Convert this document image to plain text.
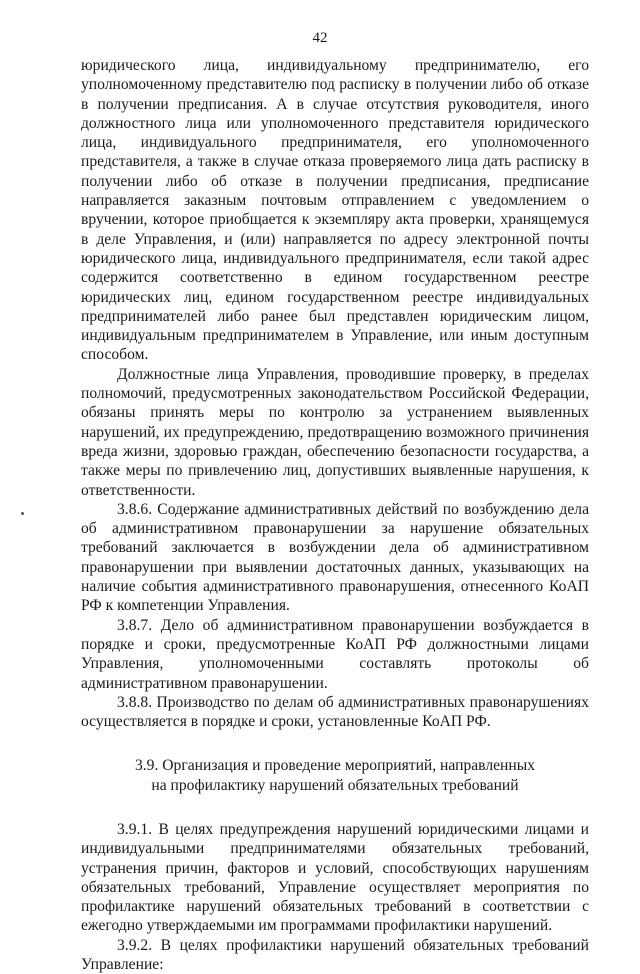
42

юридического лица, индивидуальному предпринимателю, его уполномоченному представителю под расписку в получении либо об отказе в получении предписания. А в случае отсутствия руководителя, иного должностного лица или уполномоченного представителя юридического лица, индивидуального предпринимателя, его уполномоченного представителя, а также в случае отказа проверяемого лица дать расписку в получении либо об отказе в получении предписания, предписание направляется заказным почтовым отправлением с уведомлением о вручении, которое приобщается к экземпляру акта проверки, хранящемуся в деле Управления, и (или) направляется по адресу электронной почты юридического лица, индивидуального предпринимателя, если такой адрес содержится соответственно в едином государственном реестре юридических лиц, едином государственном реестре индивидуальных предпринимателей либо ранее был представлен юридическим лицом, индивидуальным предпринимателем в Управление, или иным доступным способом.

Должностные лица Управления, проводившие проверку, в пределах полномочий, предусмотренных законодательством Российской Федерации, обязаны принять меры по контролю за устранением выявленных нарушений, их предупреждению, предотвращению возможного причинения вреда жизни, здоровью граждан, обеспечению безопасности государства, а также меры по привлечению лиц, допустивших выявленные нарушения, к ответственности.

3.8.6. Содержание административных действий по возбуждению дела об административном правонарушении за нарушение обязательных требований заключается в возбуждении дела об административном правонарушении при выявлении достаточных данных, указывающих на наличие события административного правонарушения, отнесенного КоАП РФ к компетенции Управления.

3.8.7. Дело об административном правонарушении возбуждается в порядке и сроки, предусмотренные КоАП РФ должностными лицами Управления, уполномоченными составлять протоколы об административном правонарушении.

3.8.8. Производство по делам об административных правонарушениях осуществляется в порядке и сроки, установленные КоАП РФ.

3.9. Организация и проведение мероприятий, направленных
на профилактику нарушений обязательных требований

3.9.1. В целях предупреждения нарушений юридическими лицами и индивидуальными предпринимателями обязательных требований, устранения причин, факторов и условий, способствующих нарушениям обязательных требований, Управление осуществляет мероприятия по профилактике нарушений обязательных требований в соответствии с ежегодно утверждаемыми им программами профилактики нарушений.

3.9.2. В целях профилактики нарушений обязательных требований Управление:
